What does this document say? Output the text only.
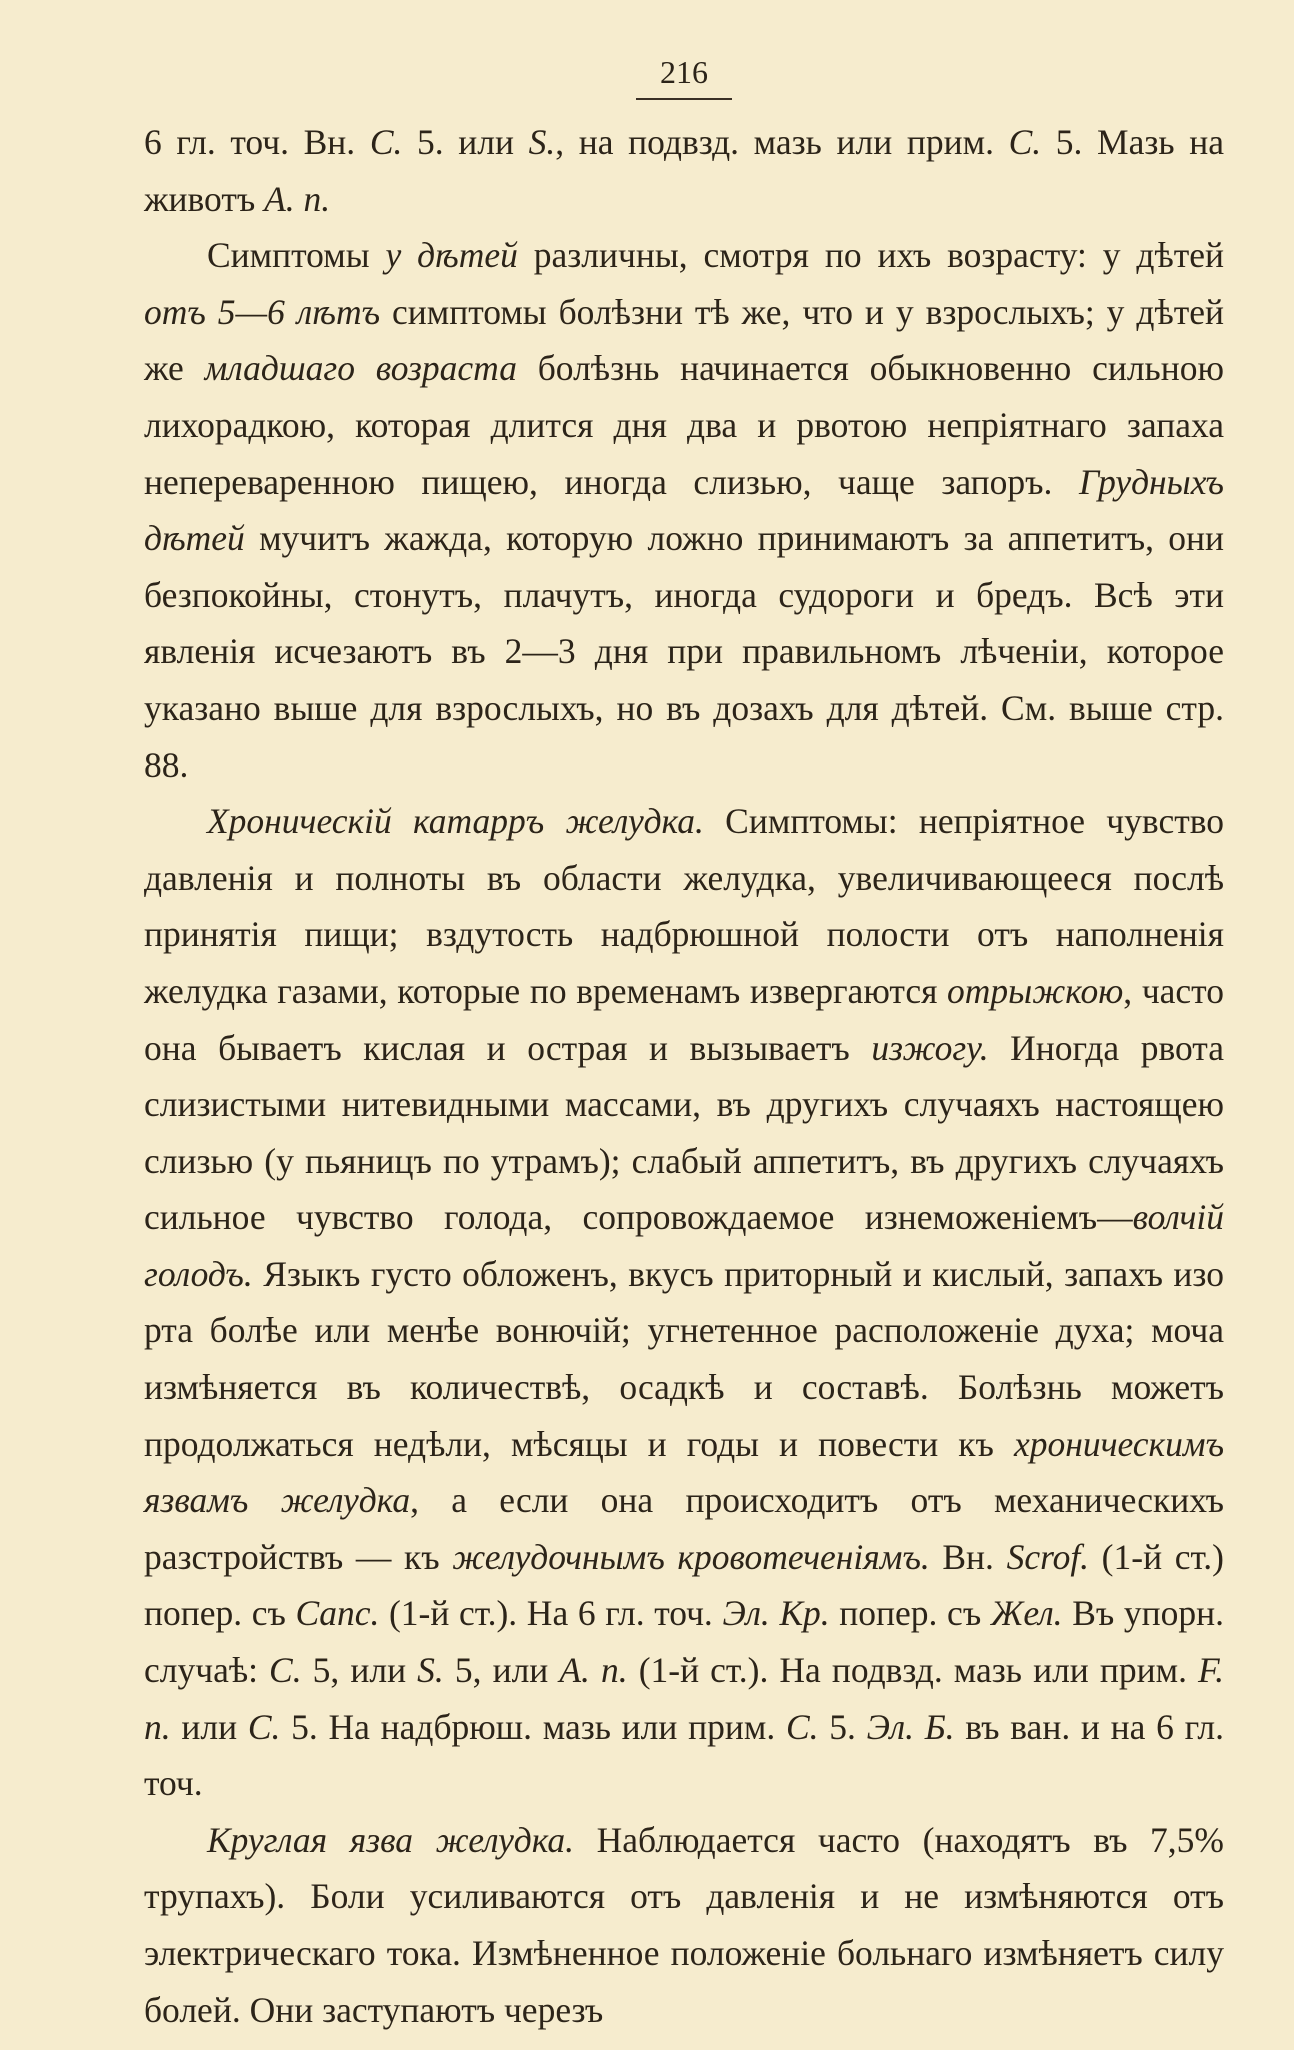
216

6 гл. точ. Вн. С. 5. или S., на подвзд. мазь или прим. С. 5. Мазь на животъ А. п.

Симптомы у дѣтей различны, смотря по ихъ возрасту: у дѣтей отъ 5—6 лѣтъ симптомы болѣзни тѣ же, что и у взрослыхъ; у дѣтей же младшаго возраста болѣзнь начинается обыкновенно сильною лихорадкою, которая длится дня два и рвотою непріятнаго запаха непереваренною пищею, иногда слизью, чаще запоръ. Грудныхъ дѣтей мучитъ жажда, которую ложно принимаютъ за аппетитъ, они безпокойны, стонутъ, плачутъ, иногда судороги и бредъ. Всѣ эти явленія исчезаютъ въ 2—3 дня при правильномъ лѣченіи, которое указано выше для взрослыхъ, но въ дозахъ для дѣтей. См. выше стр. 88.

Хроническій катарръ желудка. Симптомы: непріятное чувство давленія и полноты въ области желудка, увеличивающееся послѣ принятія пищи; вздутость надбрюшной полости отъ наполненія желудка газами, которые по временамъ извергаются отрыжкою, часто она бываетъ кислая и острая и вызываетъ изжогу. Иногда рвота слизистыми нитевидными массами, въ другихъ случаяхъ настоящею слизью (у пьяницъ по утрамъ); слабый аппетитъ, въ другихъ случаяхъ сильное чувство голода, сопровождаемое изнеможеніемъ—волчій голодъ. Языкъ густо обложенъ, вкусъ приторный и кислый, запахъ изо рта болѣе или менѣе вонючій; угнетенное расположеніе духа; моча измѣняется въ количествѣ, осадкѣ и составѣ. Болѣзнь можетъ продолжаться недѣли, мѣсяцы и годы и повести къ хроническимъ язвамъ желудка, а если она происходитъ отъ механическихъ разстройствъ — къ желудочнымъ кровотеченіямъ. Вн. Scrof. (1-й ст.) попер. съ Canc. (1-й ст.). На 6 гл. точ. Эл. Кр. попер. съ Жел. Въ упорн. случаѣ: С. 5, или S. 5, или А. п. (1-й ст.). На подвзд. мазь или прим. F. п. или С. 5. На надбрюш. мазь или прим. С. 5. Эл. Б. въ ван. и на 6 гл. точ.

Круглая язва желудка. Наблюдается часто (находятъ въ 7,5% трупахъ). Боли усиливаются отъ давленія и не измѣняются отъ электрическаго тока. Измѣненное положеніе больнаго измѣняетъ силу болей. Они заступаютъ черезъ
